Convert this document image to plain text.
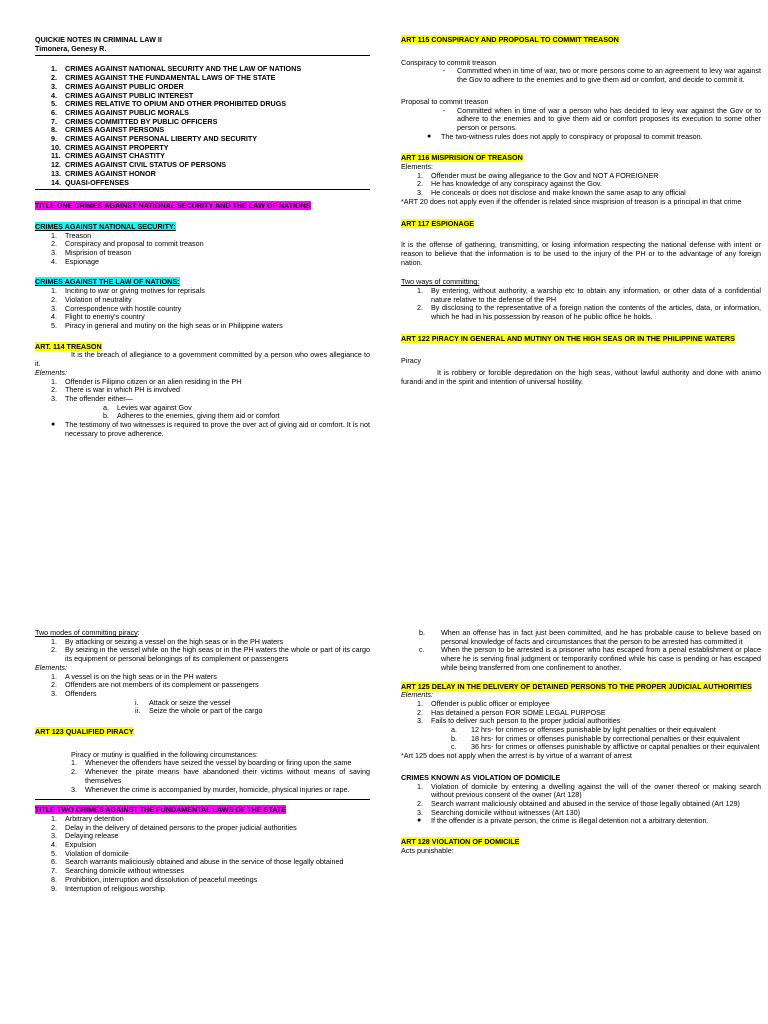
QUICKIE NOTES IN CRIMINAL LAW II
Timonera, Genesy R.
1.	CRIMES AGAINST NATIONAL SECURITY AND THE LAW OF NATIONS
2.	CRIMES AGAINST THE FUNDAMENTAL LAWS OF THE STATE
3.	CRIMES AGAINST PUBLIC ORDER
4.	CRIMES AGAINST PUBLIC INTEREST
5.	CRIMES RELATIVE TO OPIUM AND OTHER PROHIBITED DRUGS
6.	CRIMES AGAINST PUBLIC MORALS
7.	CRIMES COMMITTED BY PUBLIC OFFICERS
8.	CRIMES AGAINST PERSONS
9.	CRIMES AGAINST PERSONAL LIBERTY AND SECURITY
10. CRIMES AGAINST PROPERTY
11. CRIMES AGAINST CHASTITY
12. CRIMES AGAINST CIVIL STATUS OF PERSONS
13. CRIMES AGAINST HONOR
14. QUASI-OFFENSES
TITLE ONE CRIMES AGAINST NATIONAL SECURITY AND THE LAW OF NATIONS
CRIMES AGAINST NATIONAL SECURITY:
1.	Treason
2.	Conspiracy and proposal to commit treason
3.	Misprision of treason
4.	Espionage
CRIMES AGAINST THE LAW OF NATIONS:
1.	Inciting to war or giving motives for reprisals
2.	Violation of neutrality
3.	Correspondence with hostile country
4.	Flight to enemy's country
5.	Piracy in general and mutiny on the high seas or in Philippine waters
ART. 114 TREASON
It is the breach of allegiance to a government committed by a person who owes allegiance to it.
Elements:
1.	Offender is Filipino citizen or an alien residing in the PH
2.	There is war in which PH is involved
3.	The offender either—
a.	Levies war against Gov
b.	Adheres to the enemies, giving them aid or comfort
●	The testimony of two witnesses is required to prove the over act of giving aid or comfort. It is not necessary to prove adherence.
ART 115 CONSPIRACY AND PROPOSAL TO COMMIT TREASON
Conspiracy to commit treason
-	Committed when in time of war, two or more persons come to an agreement to levy war against the Gov to adhere to the enemies and to give them aid or comfort, and decide to commit it.
Proposal to commit treason
-	Committed when in time of war a person who has decided to levy war against the Gov or to adhere to the enemies and to give them aid or comfort proposes its execution to some other person or persons.
●	The two-witness rules does not apply to conspiracy or proposal to commit treason.
ART 116 MISPRISION OF TREASON
Elements:
1.	Offender must be owing allegiance to the Gov and NOT A FOREIGNER
2.	He has knowledge of any conspiracy against the Gov.
3.	He conceals or does not disclose and make known the same asap to any official
*ART 20 does not apply even if the offender is related since misprision of treason is a principal in that crime
ART 117 ESPIONAGE
It is the offense of gathering, transmitting, or losing information respecting the national defense with intent or reason to believe that the information is to be used to the injury of the PH or to the advantage of any foreign nation.
Two ways of committing:
1.	By entering, without authority, a warship etc to obtain any information, or other data of a confidential nature relative to the defense of the PH
2.	By disclosing to the representative of a foreign nation the contents of the articles, data, or information, which he had in his possession by reason of he public office he holds.
ART 122 PIRACY IN GENERAL AND MUTINY ON THE HIGH SEAS OR IN THE PHILIPPINE WATERS
Piracy
It is robbery or forcible depredation on the high seas, without lawful authority and done with animo furandi and in the spirit and intention of universal hostility.
Two modes of committing piracy:
1.	By attacking or seizing a vessel on the high seas or in the PH waters
2.	By seizing in the vessel while on the high seas or in the PH waters the whole or part of its cargo its equipment or personal belongings of its complement or passengers
Elements:
1.	A vessel is on the high seas or in the PH waters
2.	Offenders are not members of its complement or passengers
3.	Offenders
i.	Attack or seize the vessel
ii.	Seize the whole or part of the cargo
ART 123 QUALIFIED PIRACY
Piracy or mutiny is qualified in the following circumstances:
1.	Whenever the offenders have seized the vessel by boarding or firing upon the same
2.	Whenever the pirate means have abandoned their victims without means of saving themselves
3.	Whenever the crime is accompanied by murder, homicide, physical injuries or rape.
TITLE TWO CRIMES AGAINST THE FUNDAMENTAL LAWS OF THE STATE
1.	Arbitrary detention
2.	Delay in the delivery of detained persons to the proper judicial authorities
3.	Delaying release
4.	Expulsion
5.	Violation of domicile
6.	Search warrants maliciously obtained and abuse in the service of those legally obtained
7.	Searching domicile without witnesses
8.	Prohibition, interruption and dissolution of peaceful meetings
9.	Interruption of religious worship
b.	When an offense has in fact just been committed, and he has probable cause to believe based on personal knowledge of facts and circumstances that the person to be arrested has committed it
c.	When the person to be arrested is a prisoner who has escaped from a penal establishment or place where he is serving final judgment or temporarily confined while his case is pending or has escaped while being transferred from one confinement to another.
ART 125 DELAY IN THE DELIVERY OF DETAINED PERSONS TO THE PROPER JUDICIAL AUTHORITIES
Elements:
1.	Offender is public officer or employee
2.	Has detained a person FOR SOME LEGAL PURPOSE
3.	Fails to deliver such person to the proper judicial authorities
a.	12 hrs- for crimes or offenses punishable by light penalties or their equivalent
b.	18 hrs- for crimes or offenses punishable by correctional penalties or their equivalent
c.	36 hrs- for crimes or offenses punishable by afflictive or capital penalties or their equivalent
*Art 125 does not apply when the arrest is by virtue of a warrant of arrest
CRIMES KNOWN AS VIOLATION OF DOMICILE
1.	Violation of domicile by entering a dwelling against the will of the owner thereof or making search without previous consent of the owner (Art 128)
2.	Search warrant maliciously obtained and abused in the service of those legally obtained (Art 129)
3.	Searching domicile without witnesses (Art 130)
●	If the offender is a private person, the crime is illegal detention not a arbitrary detention.
ART 128 VIOLATION OF DOMICILE
Acts punishable:
